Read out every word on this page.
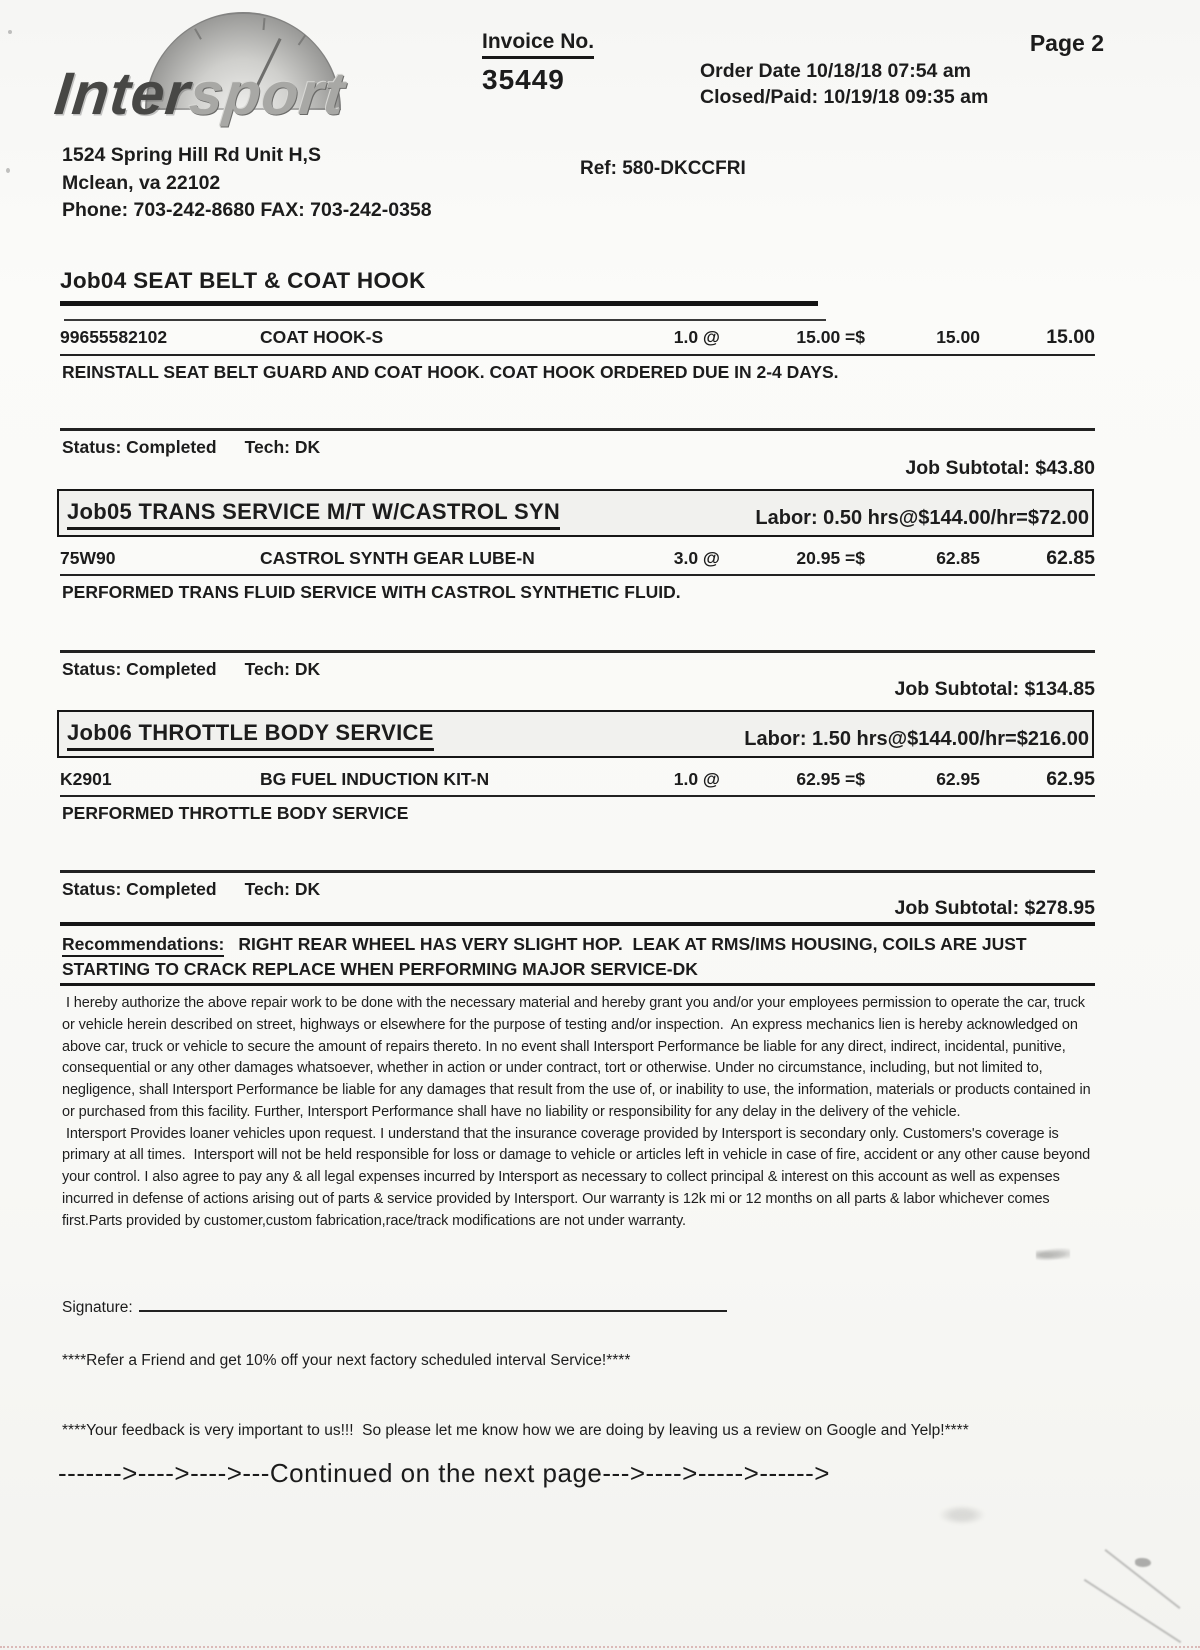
Intersport
Invoice No.
35449
Page 2
Order Date 10/18/18 07:54 am
Closed/Paid: 10/19/18 09:35 am
1524 Spring Hill Rd Unit H,S
Mclean, va 22102
Phone: 703-242-8680 FAX: 703-242-0358
Ref: 580-DKCCFRI
Job04 SEAT BELT & COAT HOOK
99655582102	COAT HOOK-S	1.0 @	15.00 =$	15.00	15.00
REINSTALL SEAT BELT GUARD AND COAT HOOK. COAT HOOK ORDERED DUE IN 2-4 DAYS.
Status: Completed Tech: DK
Job Subtotal: $43.80
Job05 TRANS SERVICE M/T W/CASTROL SYN	Labor: 0.50 hrs@$144.00/hr=$72.00
75W90	CASTROL SYNTH GEAR LUBE-N	3.0 @	20.95 =$	62.85	62.85
PERFORMED TRANS FLUID SERVICE WITH CASTROL SYNTHETIC FLUID.
Status: Completed Tech: DK
Job Subtotal: $134.85
Job06 THROTTLE BODY SERVICE	Labor: 1.50 hrs@$144.00/hr=$216.00
K2901	BG FUEL INDUCTION KIT-N	1.0 @	62.95 =$	62.95	62.95
PERFORMED THROTTLE BODY SERVICE
Status: Completed Tech: DK
Job Subtotal: $278.95
Recommendations: RIGHT REAR WHEEL HAS VERY SLIGHT HOP.  LEAK AT RMS/IMS HOUSING, COILS ARE JUST STARTING TO CRACK REPLACE WHEN PERFORMING MAJOR SERVICE-DK

I hereby authorize the above repair work to be done with the necessary material and hereby grant you and/or your employees permission to operate the car, truck or vehicle herein described on street, highways or elsewhere for the purpose of testing and/or inspection.  An express mechanics lien is hereby acknowledged on above car, truck or vehicle to secure the amount of repairs thereto. In no event shall Intersport Performance be liable for any direct, indirect, incidental, punitive, consequential or any other damages whatsoever, whether in action or under contract, tort or otherwise. Under no circumstance, including, but not limited to, negligence, shall Intersport Performance be liable for any damages that result from the use of, or inability to use, the information, materials or products contained in or purchased from this facility. Further, Intersport Performance shall have no liability or responsibility for any delay in the delivery of the vehicle.

Intersport Provides loaner vehicles upon request. I understand that the insurance coverage provided by Intersport is secondary only. Customers's coverage is primary at all times.  Intersport will not be held responsible for loss or damage to vehicle or articles left in vehicle in case of fire, accident or any other cause beyond your control. I also agree to pay any & all legal expenses incurred by Intersport as necessary to collect principal & interest on this account as well as expenses incurred in defense of actions arising out of parts & service provided by Intersport. Our warranty is 12k mi or 12 months on all parts & labor whichever comes first.Parts provided by customer,custom fabrication,race/track modifications are not under warranty.

Signature:
****Refer a Friend and get 10% off your next factory scheduled interval Service!****
****Your feedback is very important to us!!!  So please let me know how we are doing by leaving us a review on Google and Yelp!****
------->---->---->---Continued on the next page--->---->----->------>
